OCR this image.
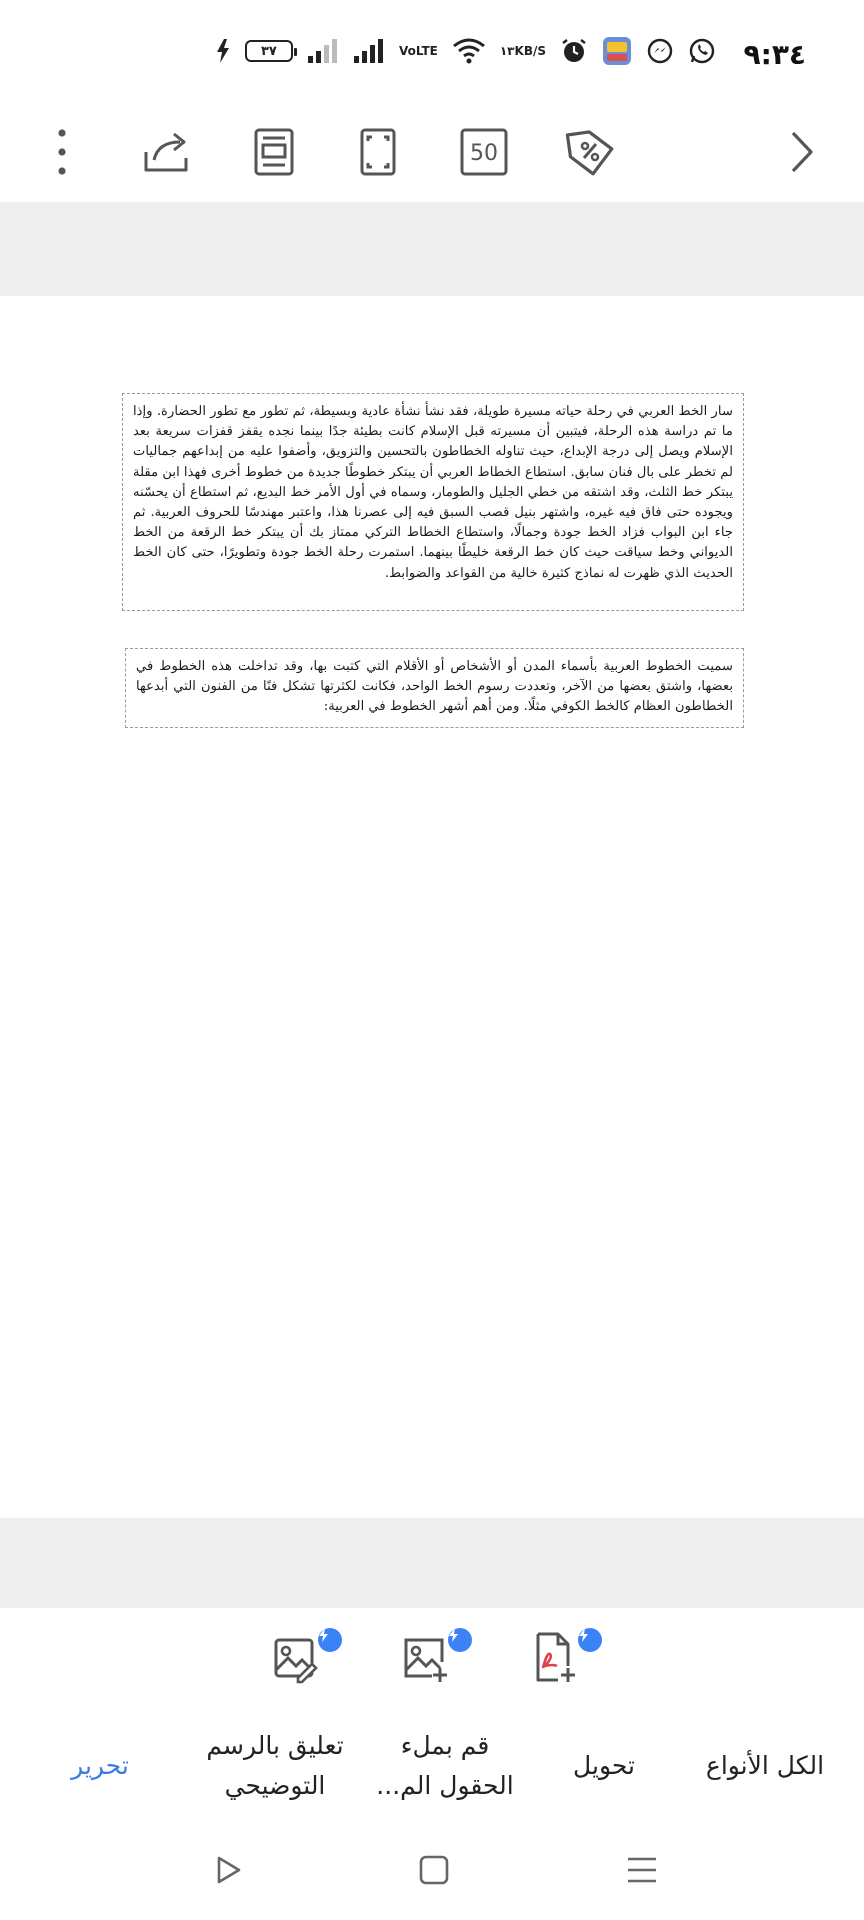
٩:٣٤
١٣ KB/S
Vo LTE
٣٧
50
سار الخط العربي في رحلة حياته مسيرة طويلة، فقد نشأ نشأة عادية وبسيطة، ثم تطور مع تطور الحضارة. وإذا ما تم دراسة هذه الرحلة، فيتبين أن مسيرته قبل الإسلام كانت بطيئة جدًا بينما نجده يقفز قفزات سريعة بعد الإسلام ويصل إلى درجة الإبداع، حيث تناوله الخطاطون بالتحسين والتزويق، وأضفوا عليه من إبداعهم جماليات لم تخطر على بال فنان سابق. استطاع الخطاط العربي أن يبتكر خطوطًا جديدة من خطوط أخرى فهذا ابن مقلة يبتكر خط الثلث، وقد اشتقه من خطي الجليل والطومار، وسماه في أول الأمر خط البديع، ثم استطاع أن يحسّنه ويجوده حتى فاق فيه غيره، واشتهر بنيل قصب السبق فيه إلى عصرنا هذا، واعتبر مهندسًا للحروف العربية. ثم جاء ابن البواب فزاد الخط جودة وجمالًا، واستطاع الخطاط التركي ممتاز بك أن يبتكر خط الرقعة من الخط الديواني وخط سياقت حيث كان خط الرقعة خليطًا بينهما. استمرت رحلة الخط جودة وتطويرًا، حتى كان الخط الحديث الذي ظهرت له نماذج كثيرة خالية من القواعد والضوابط.
سميت الخطوط العربية بأسماء المدن أو الأشخاص أو الأقلام التي كتبت بها، وقد تداخلت هذه الخطوط في بعضها، واشتق بعضها من الآخر، وتعددت رسوم الخط الواحد، فكانت لكثرتها تشكل فنًا من الفنون التي أبدعها الخطاطون العظام كالخط الكوفي مثلًا. ومن أهم أشهر الخطوط في العربية:
تحرير
تعليق بالرسم
التوضيحي
قم بملء
الحقول الم...
تحويل	الكل الأنواع
